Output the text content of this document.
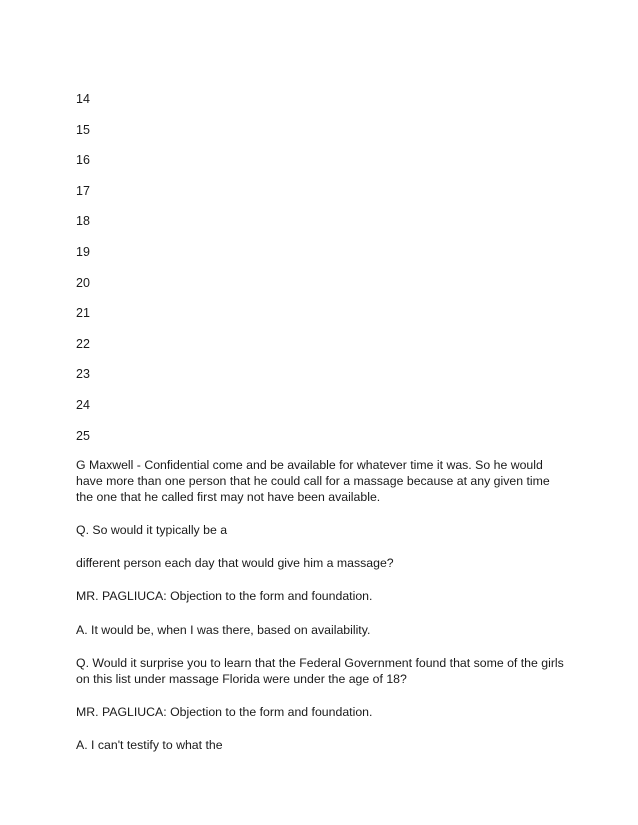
14
15
16
17
18
19
20
21
22
23
24
25

G Maxwell - Confidential come and be available for whatever time it was. So he would have more than one person that he could call for a massage because at any given time the one that he called first may not have been available.

Q. So would it typically be a

different person each day that would give him a massage?

MR. PAGLIUCA: Objection to the form and foundation.

A. It would be, when I was there, based on availability.

Q. Would it surprise you to learn that the Federal Government found that some of the girls on this list under massage Florida were under the age of 18?

MR. PAGLIUCA: Objection to the form and foundation.

A. I can't testify to what the
